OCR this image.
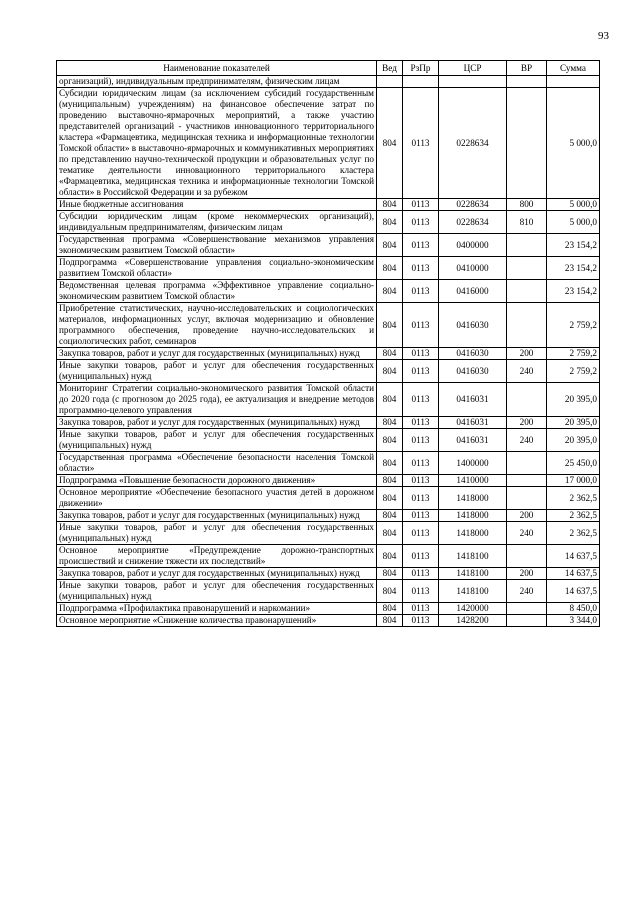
93
Наименование показателей	Вед	РзПр	ЦСР	ВР	Сумма
организаций), индивидуальным предпринимателям, физическим лицам					
Субсидии юридическим лицам (за исключением субсидий государственным (муниципальным) учреждениям) на финансовое обеспечение затрат по проведению выставочно-ярмарочных мероприятий, а также участию представителей организаций - участников инновационного территориального кластера «Фармацевтика, медицинская техника и информационные технологии Томской области» в выставочно-ярмарочных и коммуникативных мероприятиях по представлению научно-технической продукции и образовательных услуг по тематике деятельности инновационного территориального кластера «Фармацевтика, медицинская техника и информационные технологии Томской области» в Российской Федерации и за рубежом	804	0113	0228634		5 000,0
Иные бюджетные ассигнования	804	0113	0228634	800	5 000,0
Субсидии юридическим лицам (кроме некоммерческих организаций), индивидуальным предпринимателям, физическим лицам	804	0113	0228634	810	5 000,0
Государственная программа «Совершенствование механизмов управления экономическим развитием Томской области»	804	0113	0400000		23 154,2
Подпрограмма «Совершенствование управления социально-экономическим развитием Томской области»	804	0113	0410000		23 154,2
Ведомственная целевая программа «Эффективное управление социально-экономическим развитием Томской области»	804	0113	0416000		23 154,2
Приобретение статистических, научно-исследовательских и социологических материалов, информационных услуг, включая модернизацию и обновление программного обеспечения, проведение научно-исследовательских и социологических работ, семинаров	804	0113	0416030		2 759,2
Закупка товаров, работ и услуг для государственных (муниципальных) нужд	804	0113	0416030	200	2 759,2
Иные закупки товаров, работ и услуг для обеспечения государственных (муниципальных) нужд	804	0113	0416030	240	2 759,2
Мониторинг Стратегии социально-экономического развития Томской области до 2020 года (с прогнозом до 2025 года), ее актуализация и внедрение методов программно-целевого управления	804	0113	0416031		20 395,0
Закупка товаров, работ и услуг для государственных (муниципальных) нужд	804	0113	0416031	200	20 395,0
Иные закупки товаров, работ и услуг для обеспечения государственных (муниципальных) нужд	804	0113	0416031	240	20 395,0
Государственная программа «Обеспечение безопасности населения Томской области»	804	0113	1400000		25 450,0
Подпрограмма «Повышение безопасности дорожного движения»	804	0113	1410000		17 000,0
Основное мероприятие «Обеспечение безопасного участия детей в дорожном движении»	804	0113	1418000		2 362,5
Закупка товаров, работ и услуг для государственных (муниципальных) нужд	804	0113	1418000	200	2 362,5
Иные закупки товаров, работ и услуг для обеспечения государственных (муниципальных) нужд	804	0113	1418000	240	2 362,5
Основное мероприятие «Предупреждение дорожно-транспортных происшествий и снижение тяжести их последствий»	804	0113	1418100		14 637,5
Закупка товаров, работ и услуг для государственных (муниципальных) нужд	804	0113	1418100	200	14 637,5
Иные закупки товаров, работ и услуг для обеспечения государственных (муниципальных) нужд	804	0113	1418100	240	14 637,5
Подпрограмма «Профилактика правонарушений и наркомании»	804	0113	1420000		8 450,0
Основное мероприятие «Снижение количества правонарушений»	804	0113	1428200		3 344,0
